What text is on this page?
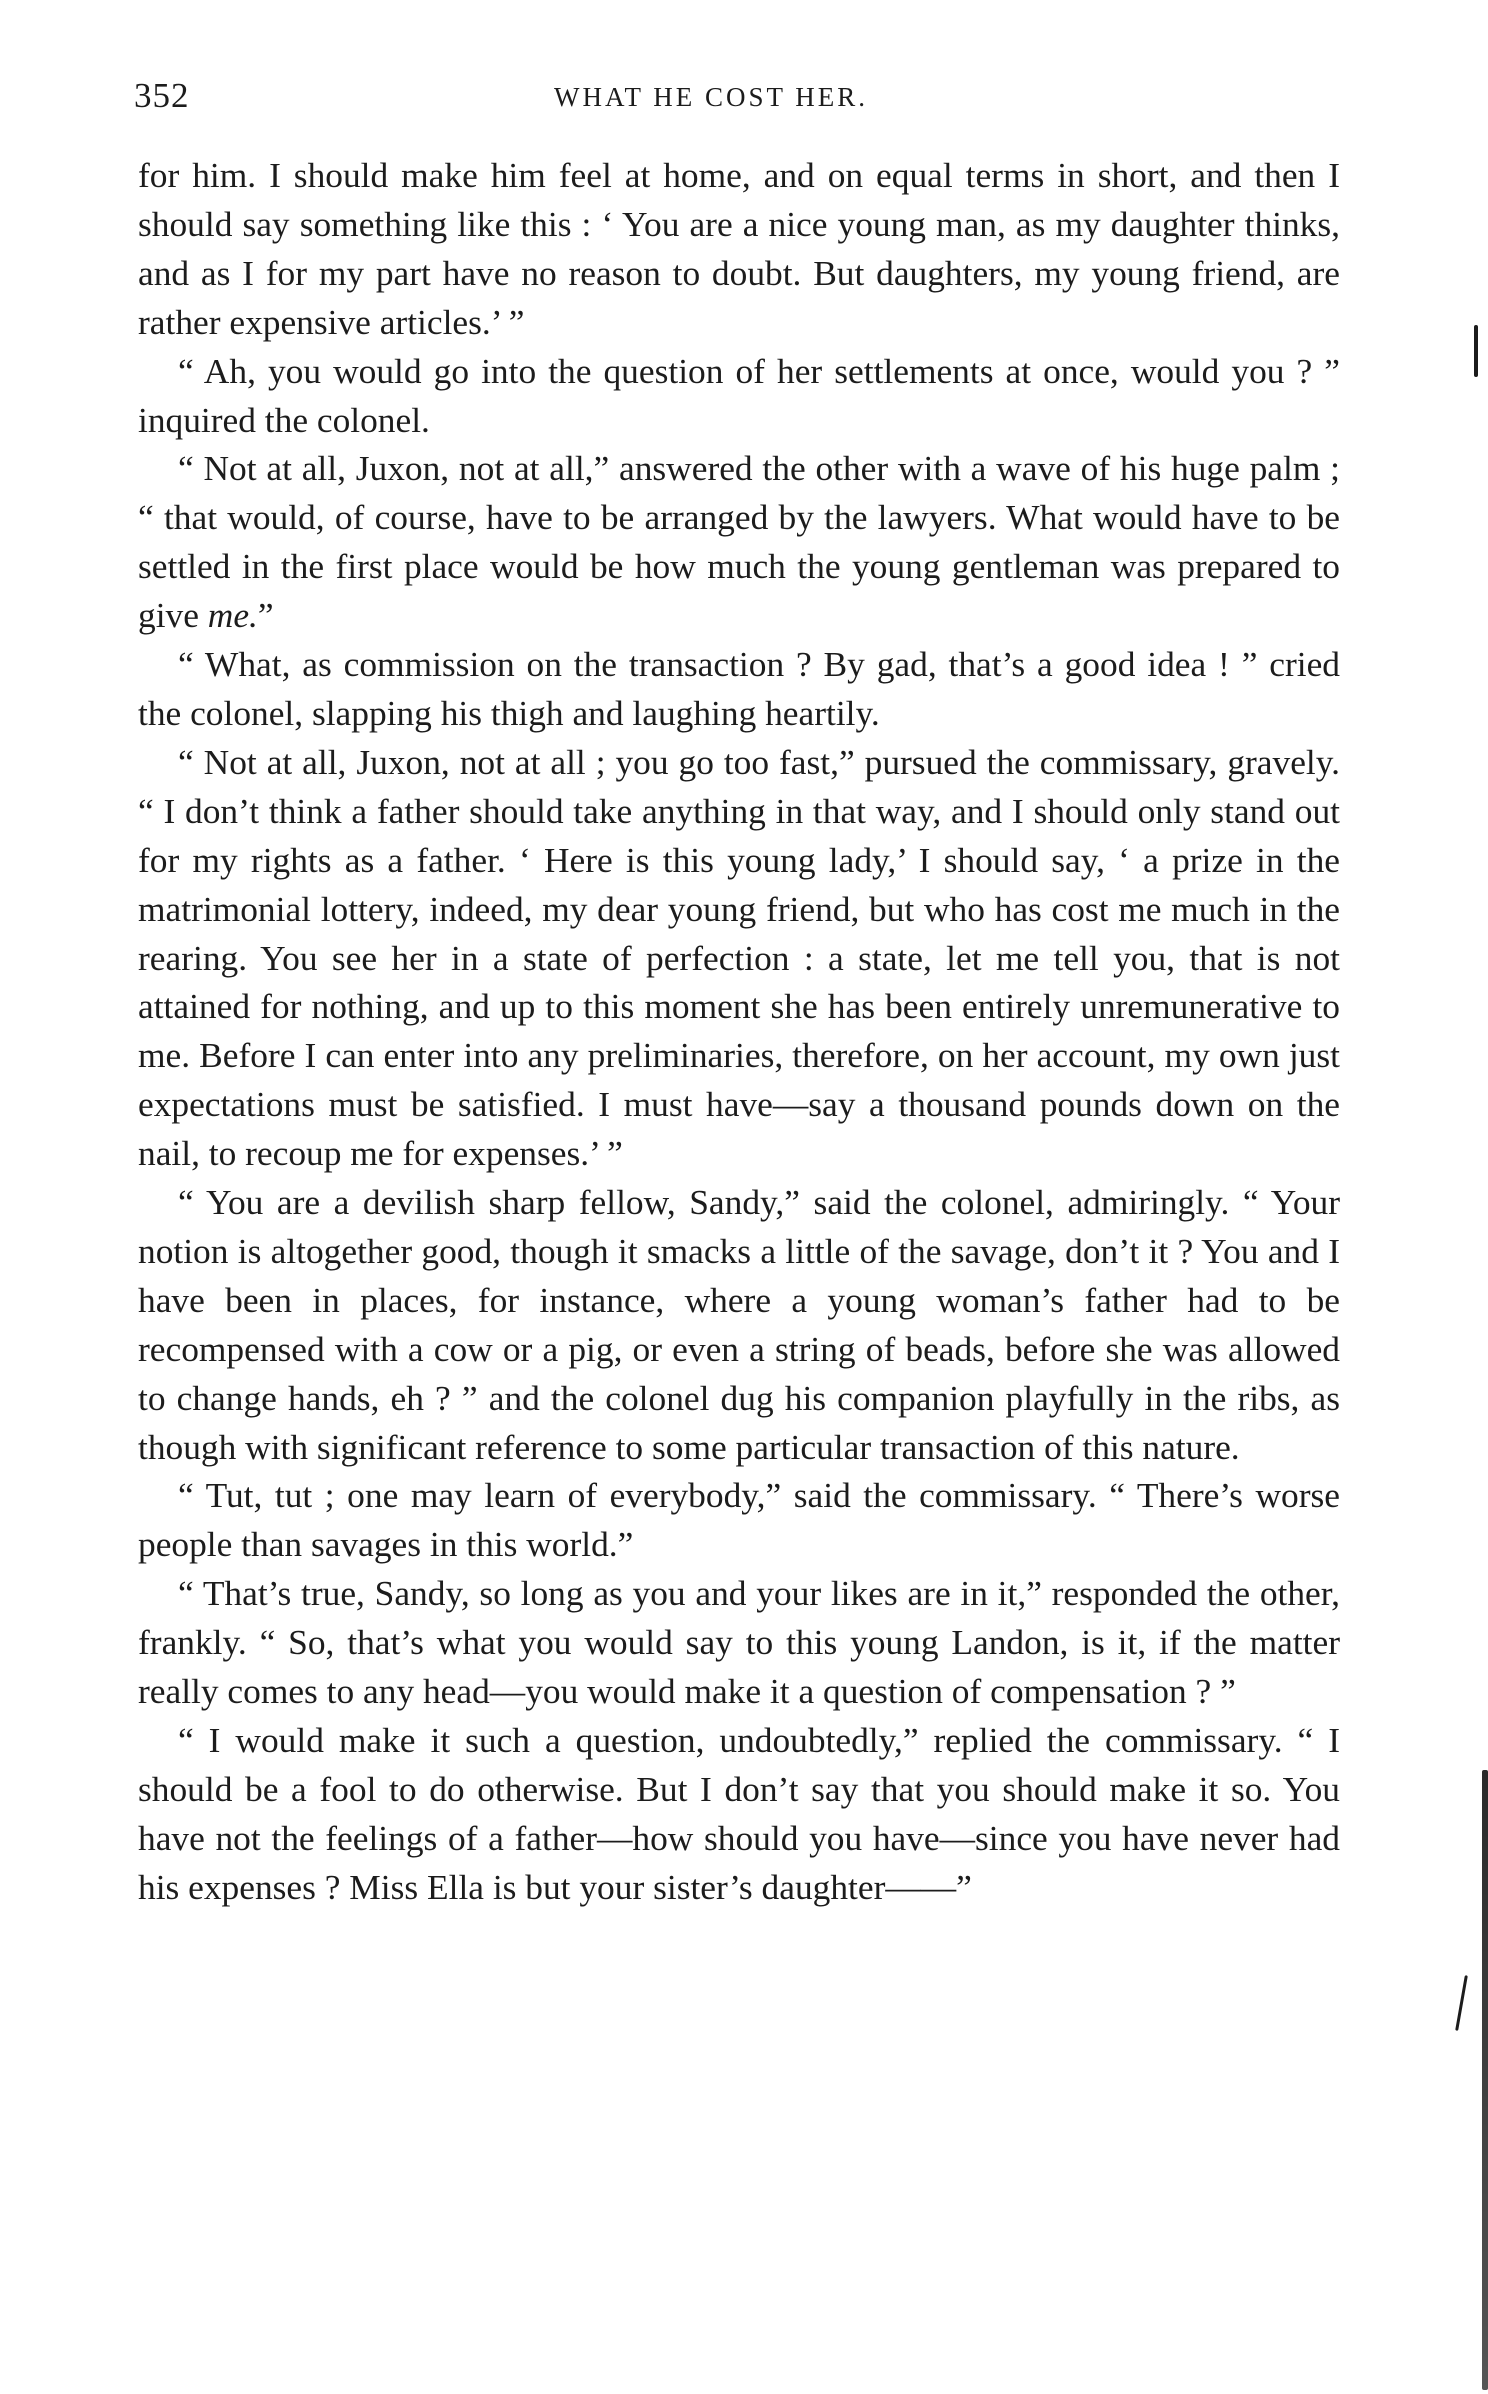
352	WHAT HE COST HER.

for him. I should make him feel at home, and on equal terms in short, and then I should say something like this : ‘ You are a nice young man, as my daughter thinks, and as I for my part have no reason to doubt. But daughters, my young friend, are rather expensive articles.’ ”

“ Ah, you would go into the question of her settlements at once, would you ? ” inquired the colonel.

“ Not at all, Juxon, not at all,” answered the other with a wave of his huge palm ; “ that would, of course, have to be arranged by the lawyers. What would have to be settled in the first place would be how much the young gentleman was prepared to give me.”

“ What, as commission on the transaction ? By gad, that’s a good idea ! ” cried the colonel, slapping his thigh and laughing heartily.

“ Not at all, Juxon, not at all ; you go too fast,” pursued the commissary, gravely. “ I don’t think a father should take anything in that way, and I should only stand out for my rights as a father. ‘ Here is this young lady,’ I should say, ‘ a prize in the matrimonial lottery, indeed, my dear young friend, but who has cost me much in the rearing. You see her in a state of perfection : a state, let me tell you, that is not attained for nothing, and up to this moment she has been entirely unremunerative to me. Before I can enter into any preliminaries, therefore, on her account, my own just expectations must be satisfied. I must have—say a thousand pounds down on the nail, to recoup me for expenses.’ ”

“ You are a devilish sharp fellow, Sandy,” said the colonel, admiringly. “ Your notion is altogether good, though it smacks a little of the savage, don’t it ? You and I have been in places, for instance, where a young woman’s father had to be recompensed with a cow or a pig, or even a string of beads, before she was allowed to change hands, eh ? ” and the colonel dug his companion playfully in the ribs, as though with significant reference to some particular transaction of this nature.

“ Tut, tut ; one may learn of everybody,” said the commissary. “ There’s worse people than savages in this world.”

“ That’s true, Sandy, so long as you and your likes are in it,” responded the other, frankly. “ So, that’s what you would say to this young Landon, is it, if the matter really comes to any head—you would make it a question of compensation ? ”

“ I would make it such a question, undoubtedly,” replied the commissary. “ I should be a fool to do otherwise. But I don’t say that you should make it so. You have not the feelings of a father—how should you have—since you have never had his expenses ? Miss Ella is but your sister’s daughter——”
